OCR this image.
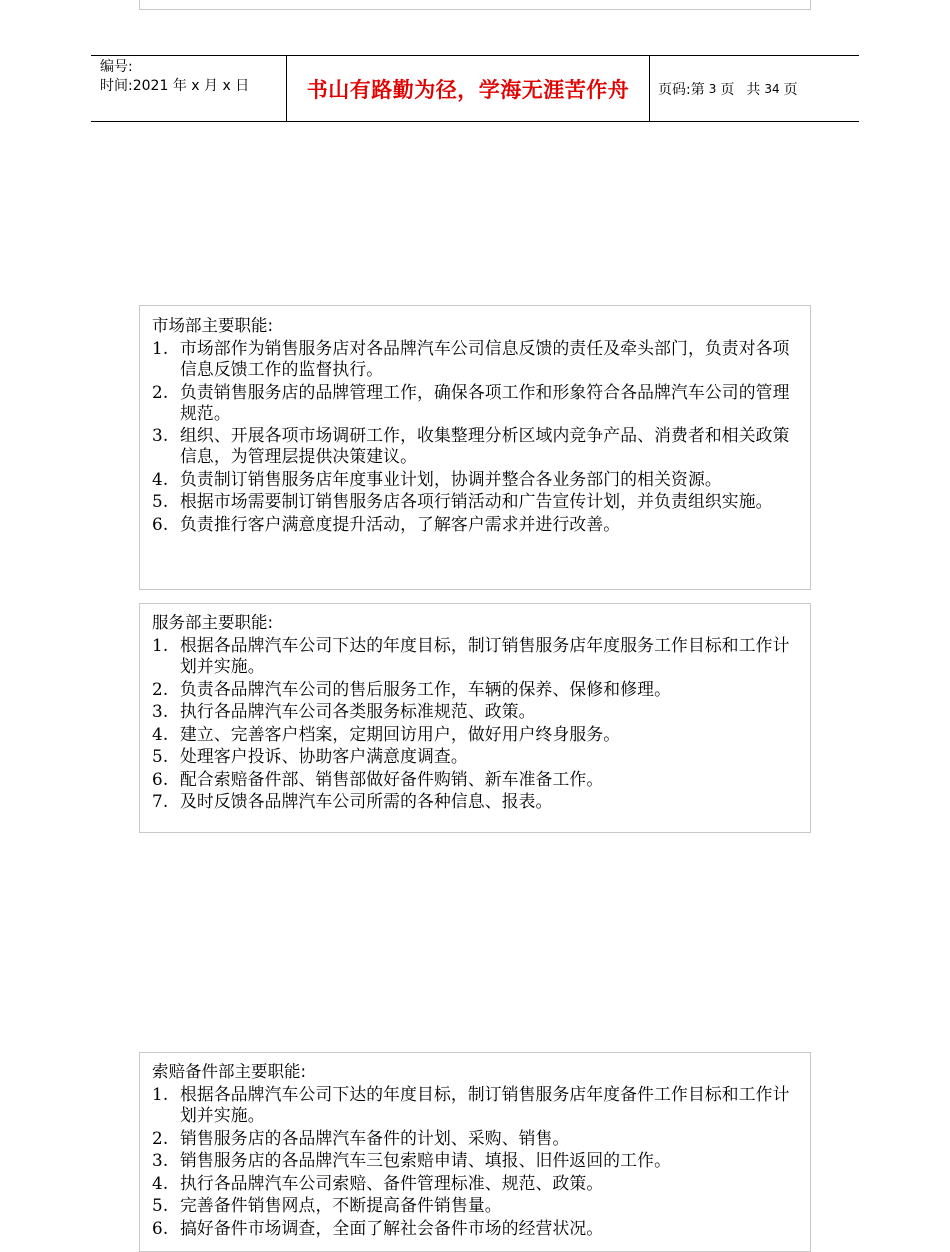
编号:
时间:2021 年 x 月 x 日	书山有路勤为径，学海无涯苦作舟	页码: 第 3 页 共 34 页
市场部主要职能:
1. 市场部作为销售服务店对各品牌汽车公司信息反馈的责任及牵头部门，负责对各项信息反馈工作的监督执行。
2. 负责销售服务店的品牌管理工作，确保各项工作和形象符合各品牌汽车公司的管理规范。
3. 组织、开展各项市场调研工作，收集整理分析区域内竞争产品、消费者和相关政策信息，为管理层提供决策建议。
4. 负责制订销售服务店年度事业计划，协调并整合各业务部门的相关资源。
5. 根据市场需要制订销售服务店各项行销活动和广告宣传计划，并负责组织实施。
6. 负责推行客户满意度提升活动，了解客户需求并进行改善。
服务部主要职能:
1. 根据各品牌汽车公司下达的年度目标，制订销售服务店年度服务工作目标和工作计划并实施。
2. 负责各品牌汽车公司的售后服务工作，车辆的保养、保修和修理。
3. 执行各品牌汽车公司各类服务标准规范、政策。
4. 建立、完善客户档案，定期回访用户，做好用户终身服务。
5. 处理客户投诉、协助客户满意度调查。
6. 配合索赔备件部、销售部做好备件购销、新车准备工作。
7. 及时反馈各品牌汽车公司所需的各种信息、报表。
索赔备件部主要职能:
1. 根据各品牌汽车公司下达的年度目标，制订销售服务店年度备件工作目标和工作计划并实施。
2. 销售服务店的各品牌汽车备件的计划、采购、销售。
3. 销售服务店的各品牌汽车三包索赔申请、填报、旧件返回的工作。
4. 执行各品牌汽车公司索赔、备件管理标准、规范、政策。
5. 完善备件销售网点，不断提高备件销售量。
6. 搞好备件市场调查，全面了解社会备件市场的经营状况。
